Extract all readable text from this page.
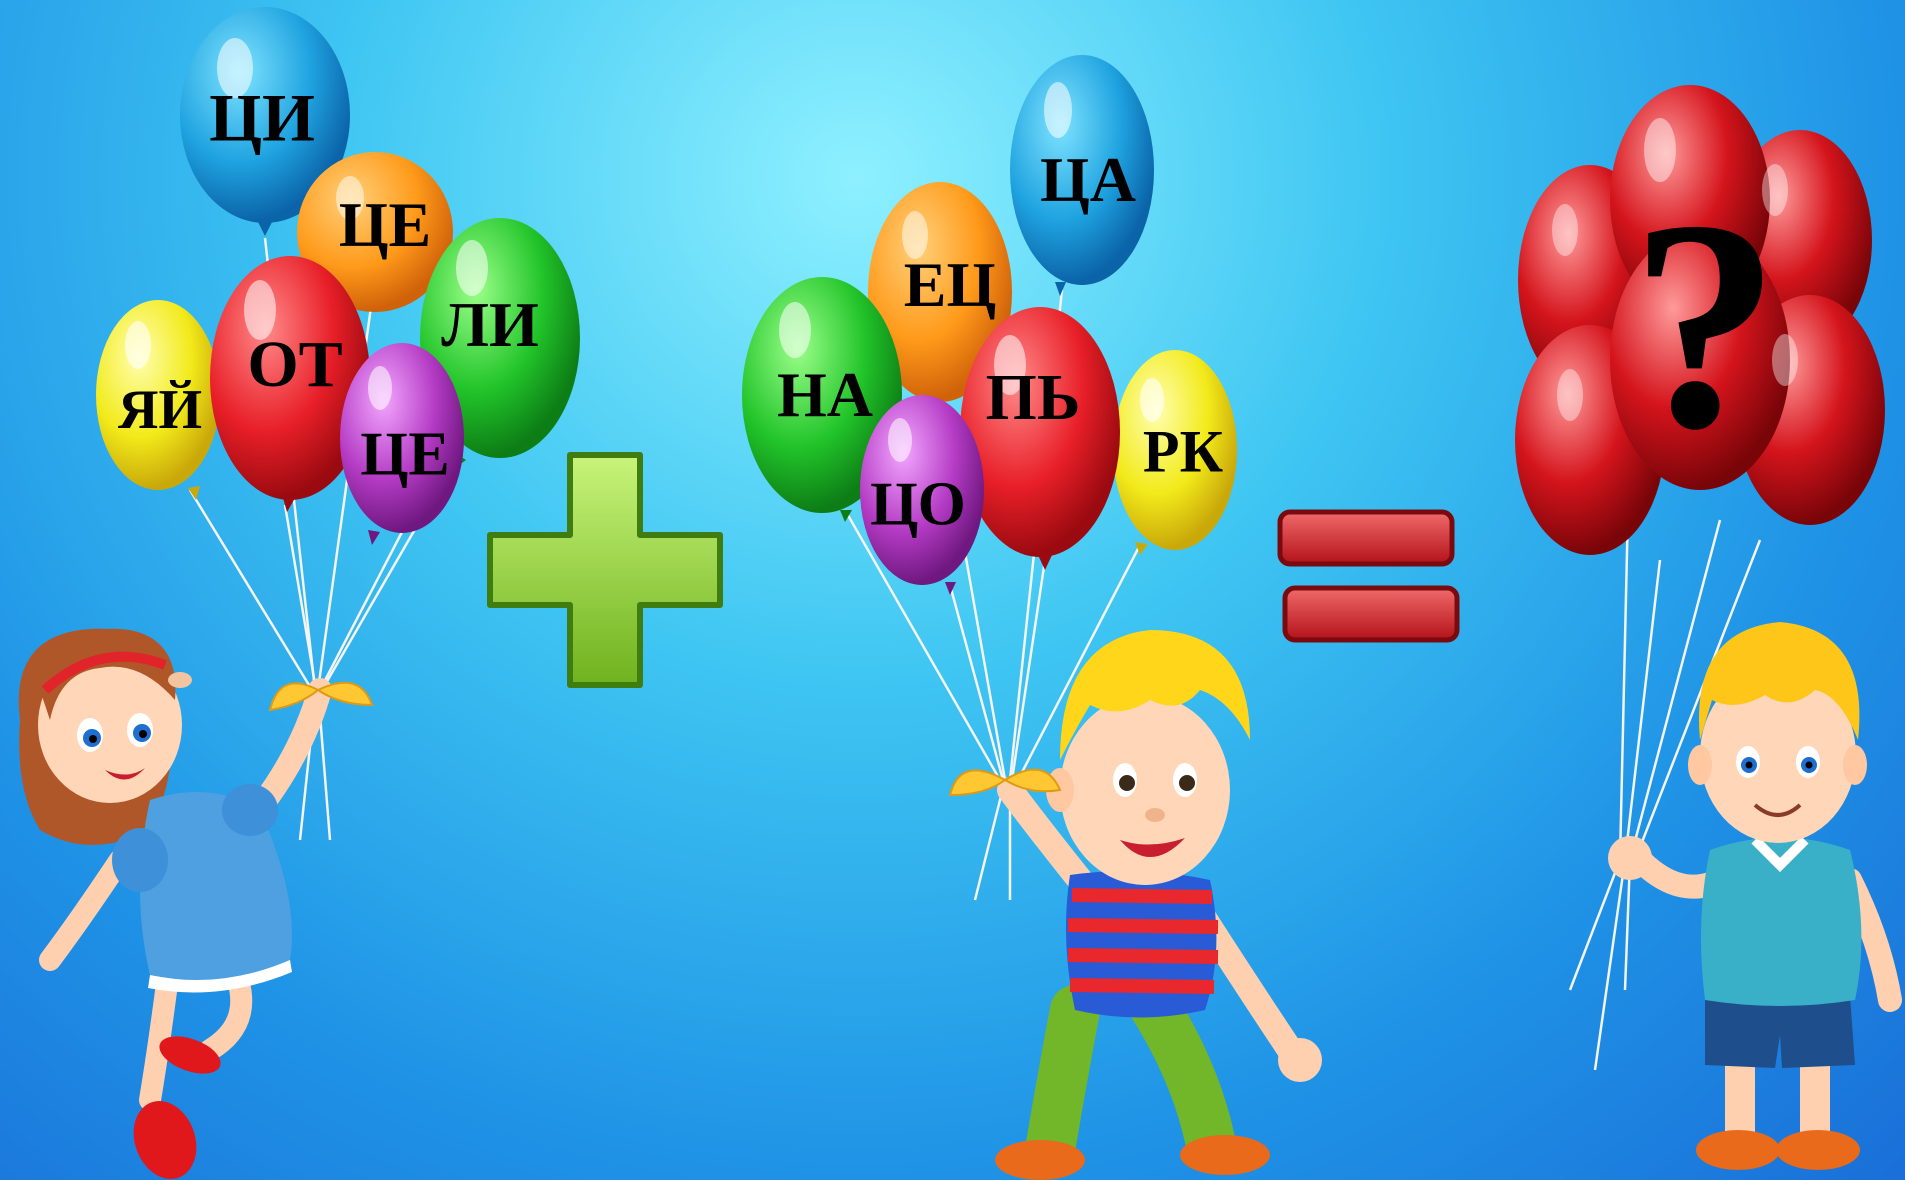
ЦИ
ЦЕ
ЛИ
ЯЙ
ОТ
ЦЕ
ЦА
ЕЦ
НА ПЬ
РК
ЦО
?
